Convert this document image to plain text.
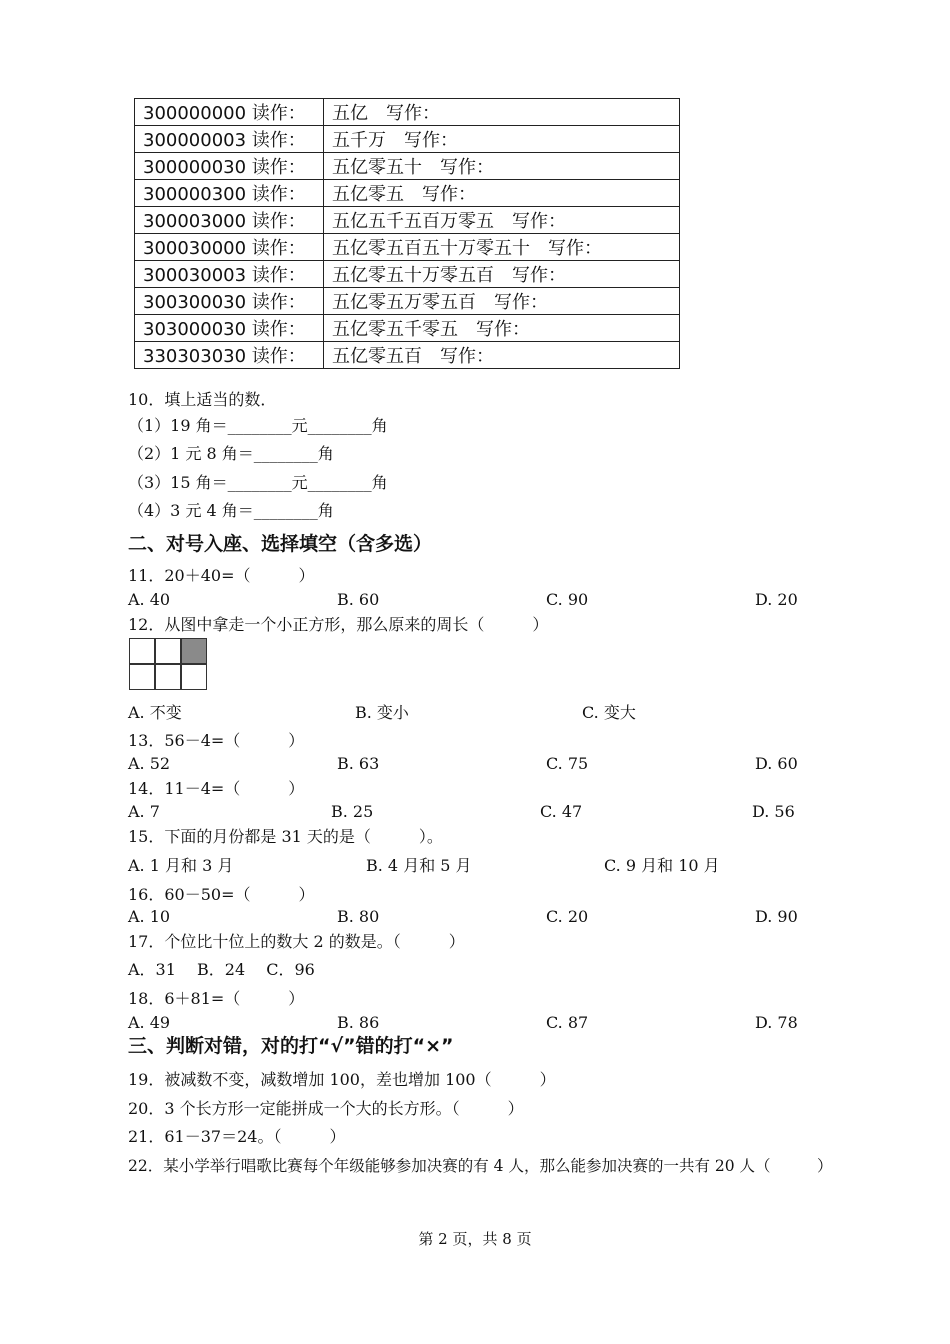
300000000 读作：	五亿　写作：
300000003 读作：	五千万　写作：
300000030 读作：	五亿零五十　写作：
300000300 读作：	五亿零五　写作：
300003000 读作：	五亿五千五百万零五　写作：
300030000 读作：	五亿零五百五十万零五十　写作：
300030003 读作：	五亿零五十万零五百　写作：
300300030 读作：	五亿零五万零五百　写作：
303000030 读作：	五亿零五千零五　写作：
330303030 读作：	五亿零五百　写作：
10．填上适当的数．
（1）19 角＝________元________角
（2）1 元 8 角＝________角
（3）15 角＝________元________角
（4）3 元 4 角＝________角
二、对号入座、选择填空（含多选）
11．20＋40=（　　　）
A. 40	B. 60	C. 90	D. 20
12．从图中拿走一个小正方形，那么原来的周长（　　　）
A. 不变	B. 变小	C. 变大
13．56－4=（　　　）
A. 52	B. 63	C. 75	D. 60
14．11－4=（　　　）
A. 7	B. 25	C. 47	D. 56
15．下面的月份都是 31 天的是（　　　）。
A. 1 月和 3 月	B. 4 月和 5 月	C. 9 月和 10 月
16．60－50=（　　　）
A. 10	B. 80	C. 20	D. 90
17．个位比十位上的数大 2 的数是。（　　　）
A．31　 B．24　 C．96
18．6＋81=（　　　）
A. 49	B. 86	C. 87	D. 78
三、判断对错，对的打“√”错的打“×”
19．被减数不变，减数增加 100，差也增加 100（　　　）
20．3 个长方形一定能拼成一个大的长方形。（　　　）
21．61－37＝24。（　　　）
22．某小学举行唱歌比赛每个年级能够参加决赛的有 4 人，那么能参加决赛的一共有 20 人（　　　）
第 2 页，共 8 页
